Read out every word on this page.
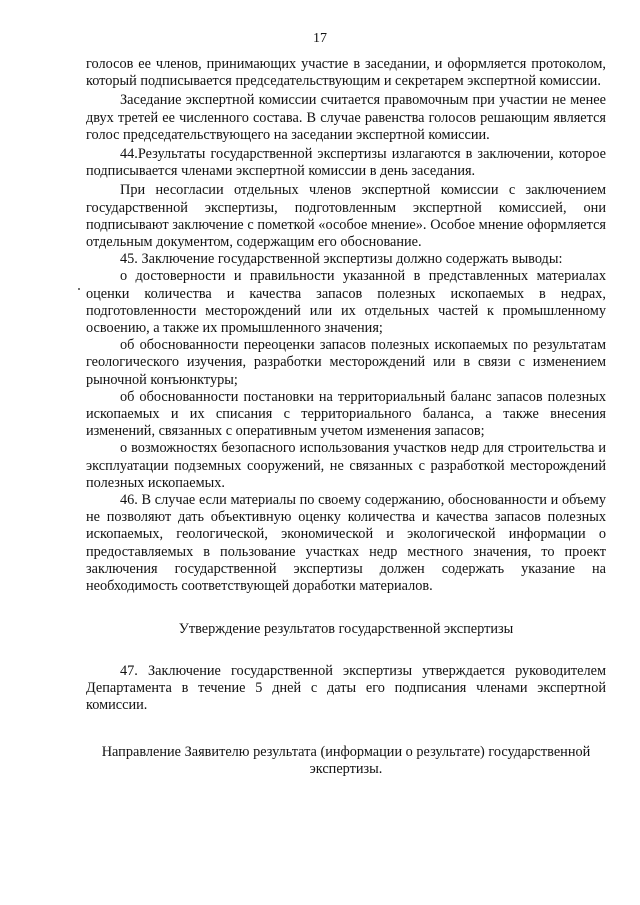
17

голосов ее членов, принимающих участие в заседании, и оформляется протоколом, который подписывается председательствующим и секретарем экспертной комиссии.

Заседание экспертной комиссии считается правомочным при участии не менее двух третей ее численного состава. В случае равенства голосов решающим является голос председательствующего на заседании экспертной комиссии.

44.Результаты государственной экспертизы излагаются в заключении, которое подписывается членами экспертной комиссии в день заседания.

При несогласии отдельных членов экспертной комиссии с заключением государственной экспертизы, подготовленным экспертной комиссией, они подписывают заключение с пометкой «особое мнение». Особое мнение оформляется отдельным документом, содержащим его обоснование.

45. Заключение государственной экспертизы должно содержать выводы:

о достоверности и правильности указанной в представленных материалах оценки количества и качества запасов полезных ископаемых в недрах, подготовленности месторождений или их отдельных частей к промышленному освоению, а также их промышленного значения;

об обоснованности переоценки запасов полезных ископаемых по результатам геологического изучения, разработки месторождений или в связи с изменением рыночной конъюнктуры;

об обоснованности постановки на территориальный баланс запасов полезных ископаемых и их списания с территориального баланса, а также внесения изменений, связанных с оперативным учетом изменения запасов;

о возможностях безопасного использования участков недр для строительства и эксплуатации подземных сооружений, не связанных с разработкой месторождений полезных ископаемых.

46. В случае если материалы по своему содержанию, обоснованности и объему не позволяют дать объективную оценку количества и качества запасов полезных ископаемых, геологической, экономической и экологической информации о предоставляемых в пользование участках недр местного значения, то проект заключения государственной экспертизы должен содержать указание на необходимость соответствующей доработки материалов.

Утверждение результатов государственной экспертизы

47. Заключение государственной экспертизы утверждается руководителем Департамента в течение 5 дней с даты его подписания членами экспертной комиссии.

Направление Заявителю результата (информации о результате) государственной экспертизы.
